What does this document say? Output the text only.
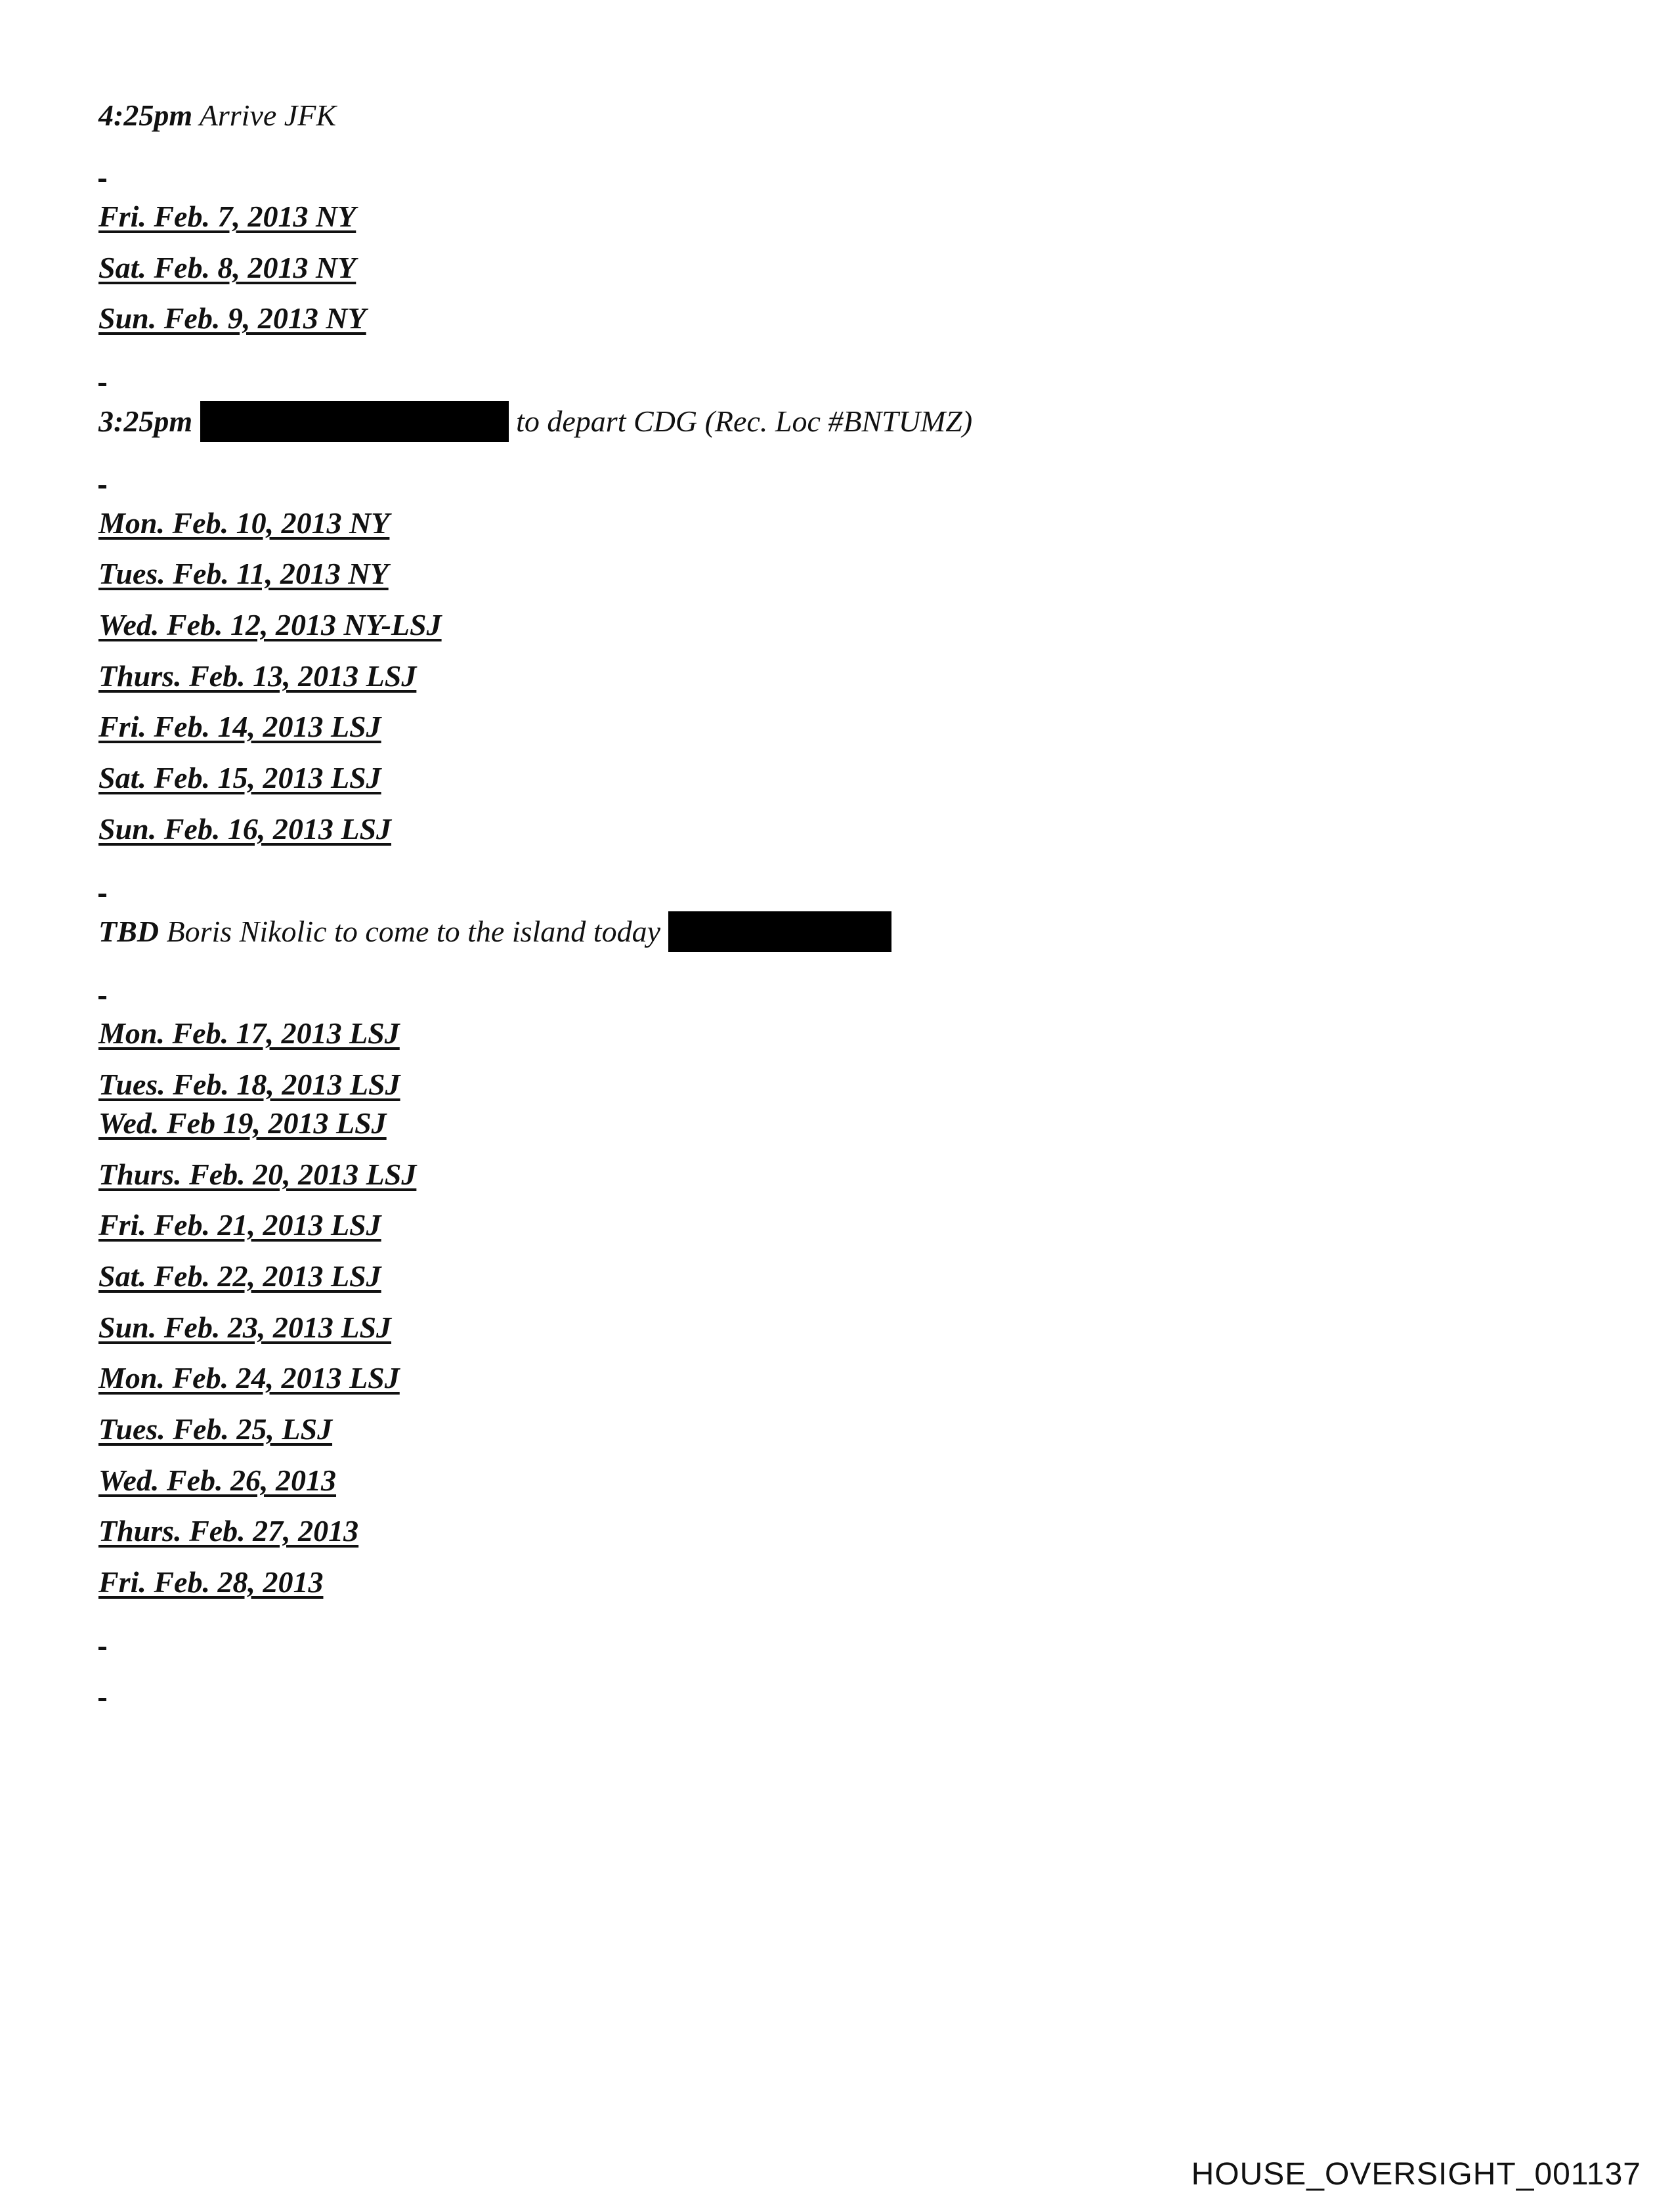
4:25pm Arrive JFK
Fri. Feb. 7, 2013 NY
Sat. Feb. 8, 2013 NY
Sun. Feb. 9, 2013 NY
3:25pm	to depart CDG (Rec. Loc #BNTUMZ)
Mon. Feb. 10, 2013 NY
Tues. Feb. 11, 2013 NY
Wed. Feb. 12, 2013 NY-LSJ
Thurs. Feb. 13, 2013 LSJ
Fri. Feb. 14, 2013 LSJ
Sat. Feb. 15, 2013 LSJ
Sun. Feb. 16, 2013 LSJ
TBD Boris Nikolic to come to the island today
Mon. Feb. 17, 2013 LSJ
Tues. Feb. 18, 2013 LSJ
Wed. Feb 19, 2013 LSJ
Thurs. Feb. 20, 2013 LSJ
Fri. Feb. 21, 2013 LSJ
Sat. Feb. 22, 2013 LSJ
Sun. Feb. 23, 2013 LSJ
Mon. Feb. 24, 2013 LSJ
Tues. Feb. 25, LSJ
Wed. Feb. 26, 2013
Thurs. Feb. 27, 2013
Fri. Feb. 28, 2013
HOUSE_OVERSIGHT_001137
